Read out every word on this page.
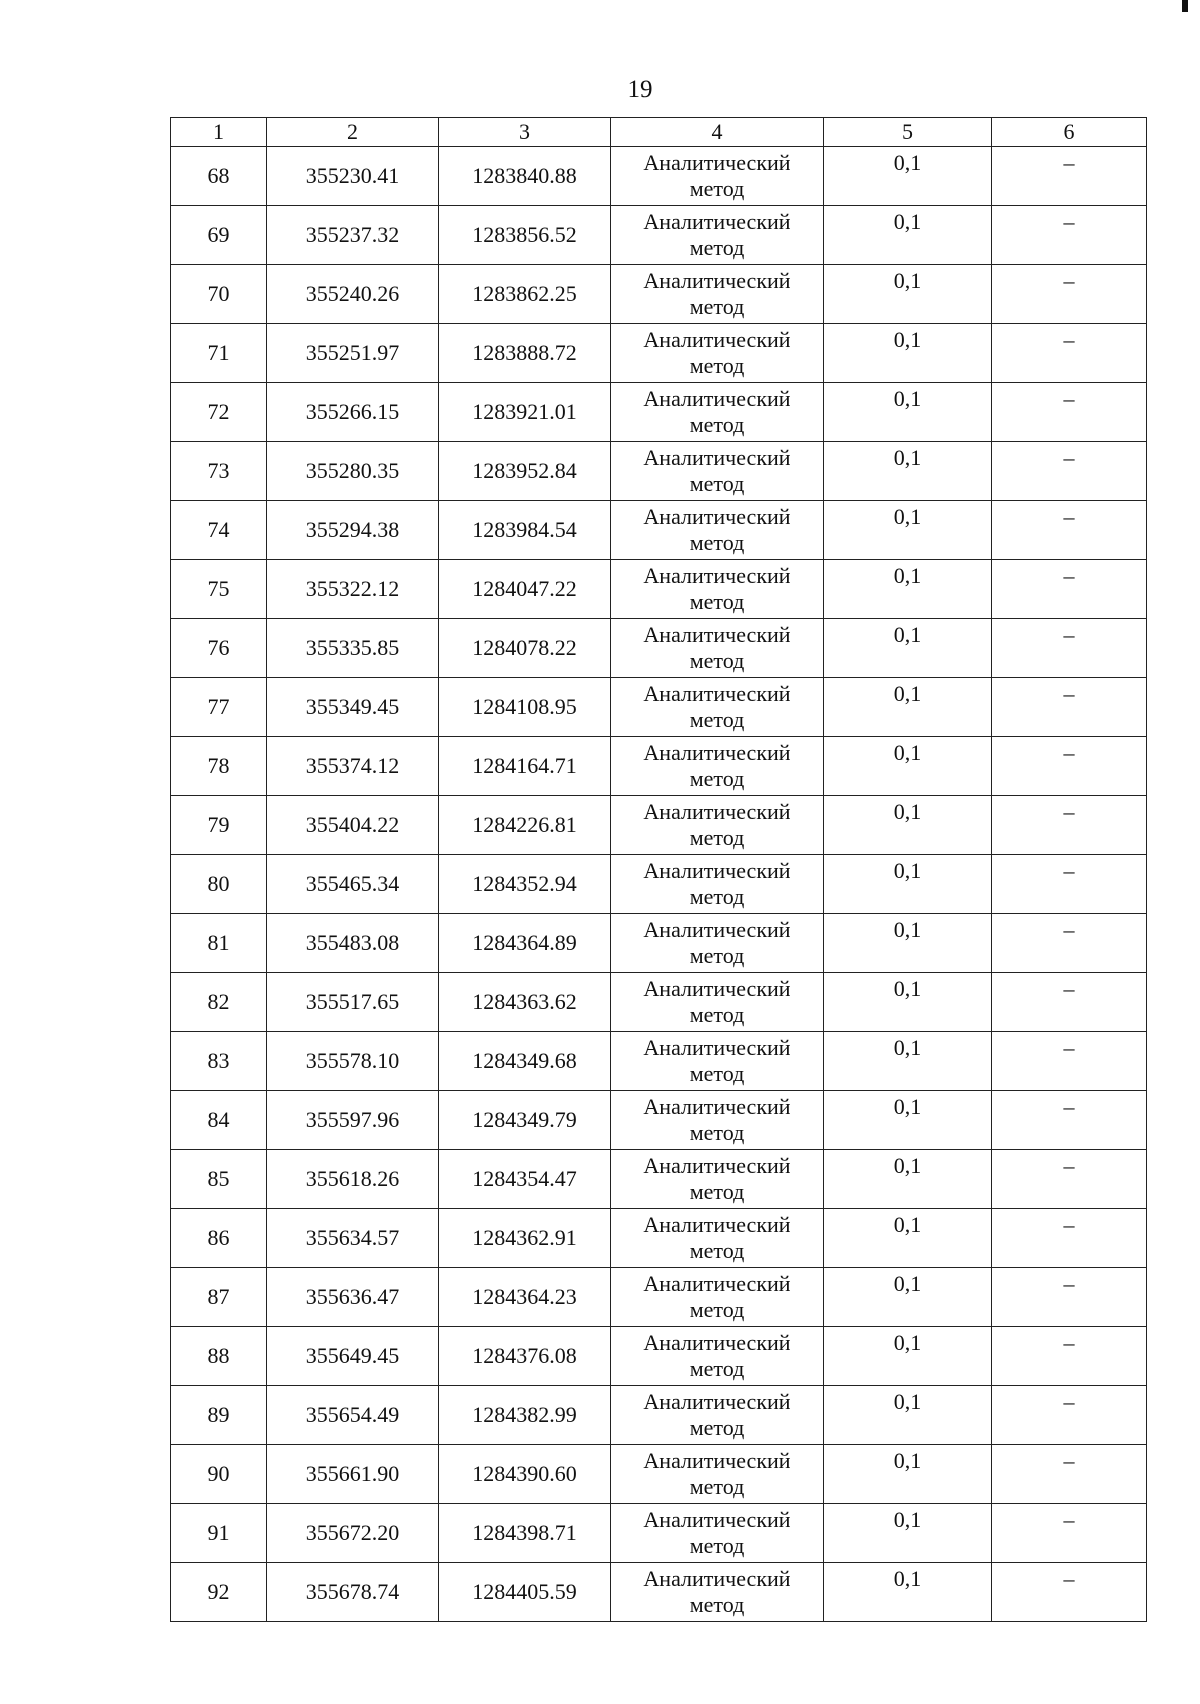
19
1	2	3	4	5	6
68	355230.41	1283840.88	Аналитический метод	0,1	–
69	355237.32	1283856.52	Аналитический метод	0,1	–
70	355240.26	1283862.25	Аналитический метод	0,1	–
71	355251.97	1283888.72	Аналитический метод	0,1	–
72	355266.15	1283921.01	Аналитический метод	0,1	–
73	355280.35	1283952.84	Аналитический метод	0,1	–
74	355294.38	1283984.54	Аналитический метод	0,1	–
75	355322.12	1284047.22	Аналитический метод	0,1	–
76	355335.85	1284078.22	Аналитический метод	0,1	–
77	355349.45	1284108.95	Аналитический метод	0,1	–
78	355374.12	1284164.71	Аналитический метод	0,1	–
79	355404.22	1284226.81	Аналитический метод	0,1	–
80	355465.34	1284352.94	Аналитический метод	0,1	–
81	355483.08	1284364.89	Аналитический метод	0,1	–
82	355517.65	1284363.62	Аналитический метод	0,1	–
83	355578.10	1284349.68	Аналитический метод	0,1	–
84	355597.96	1284349.79	Аналитический метод	0,1	–
85	355618.26	1284354.47	Аналитический метод	0,1	–
86	355634.57	1284362.91	Аналитический метод	0,1	–
87	355636.47	1284364.23	Аналитический метод	0,1	–
88	355649.45	1284376.08	Аналитический метод	0,1	–
89	355654.49	1284382.99	Аналитический метод	0,1	–
90	355661.90	1284390.60	Аналитический метод	0,1	–
91	355672.20	1284398.71	Аналитический метод	0,1	–
92	355678.74	1284405.59	Аналитический метод	0,1	–
